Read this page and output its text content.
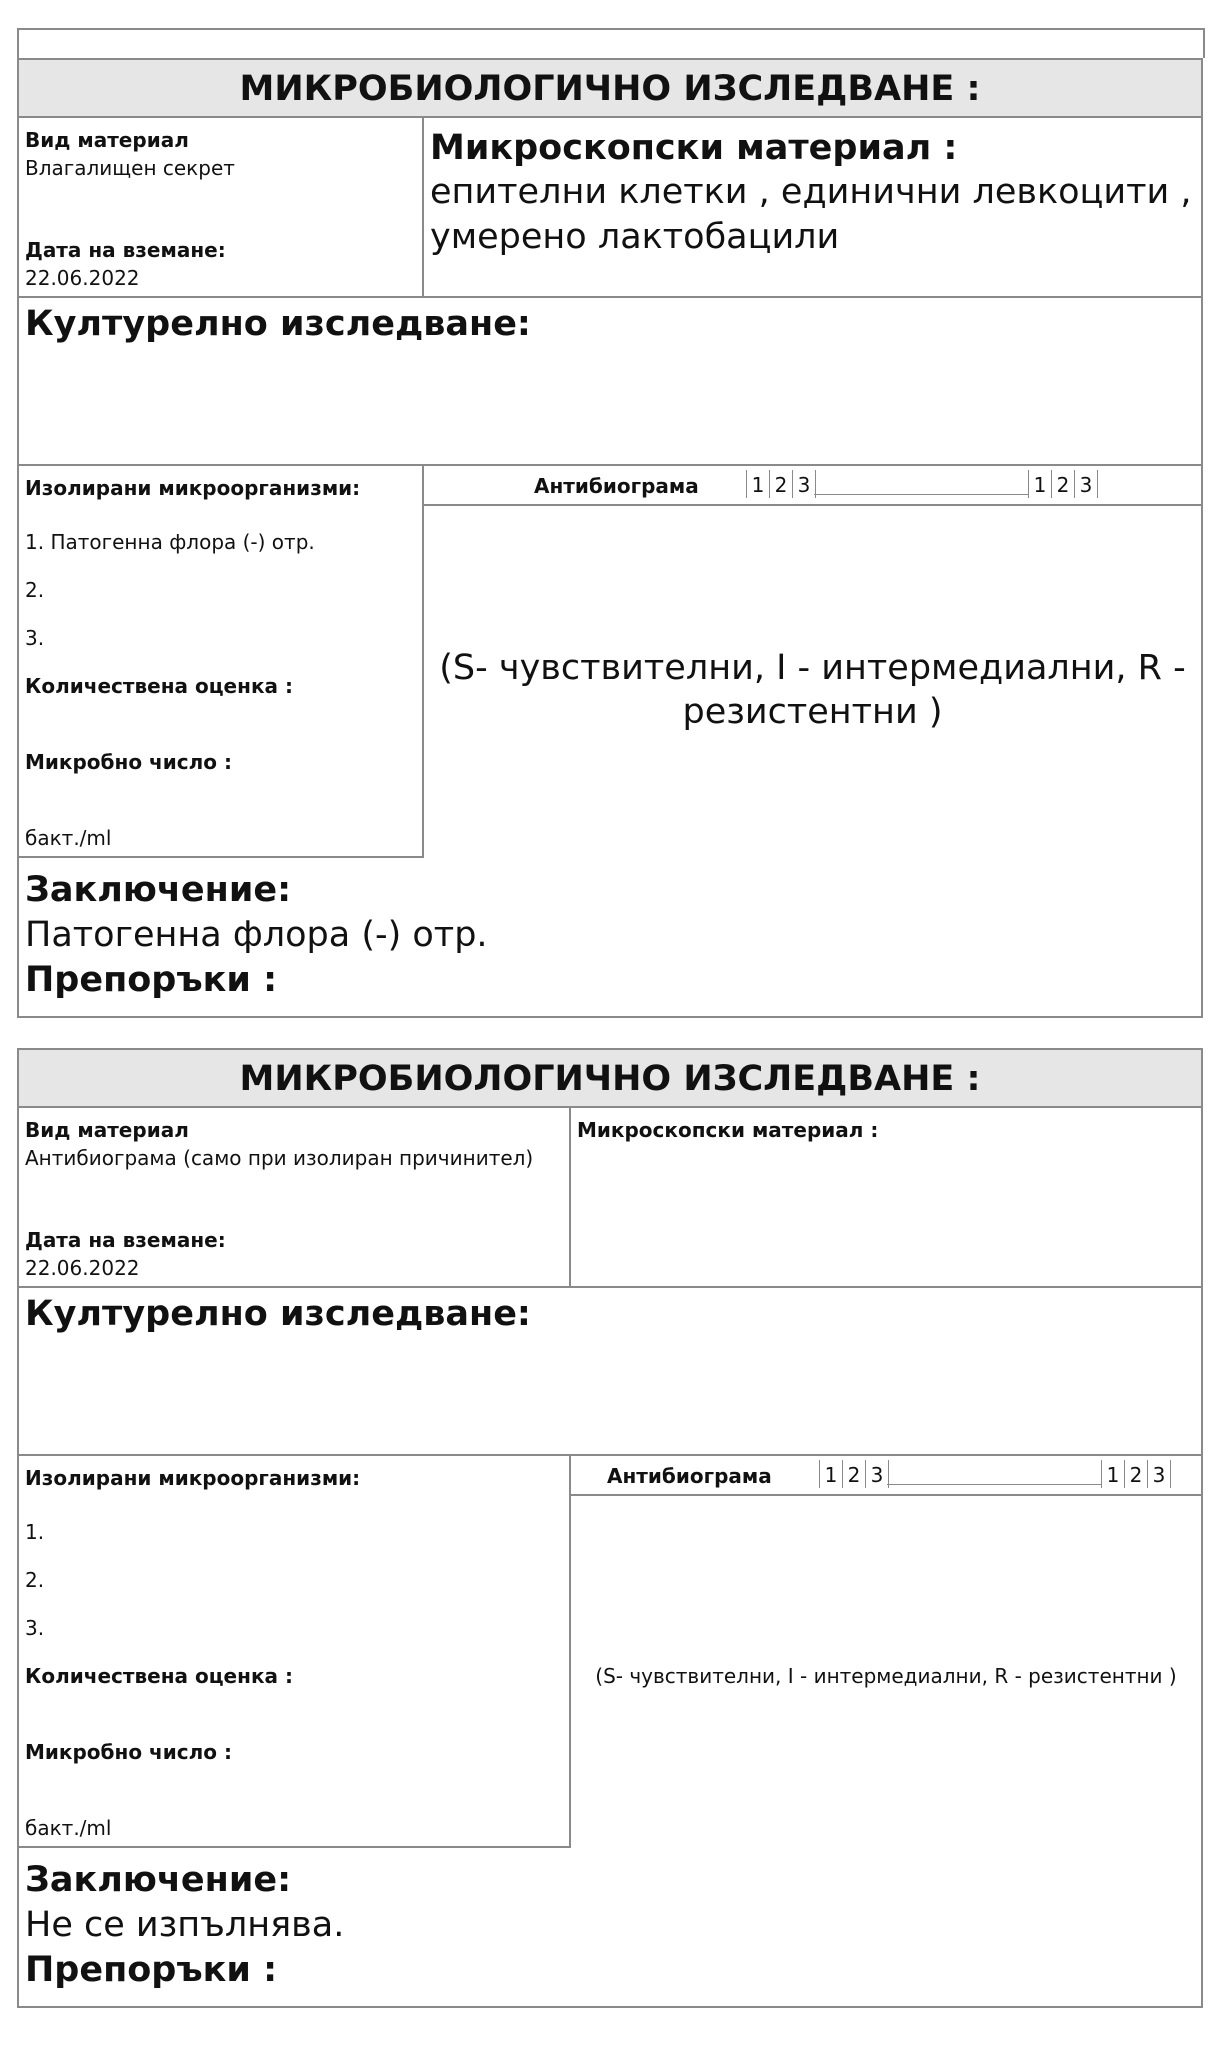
МИКРОБИОЛОГИЧНО ИЗСЛЕДВАНЕ :
Вид материал
Влагалищен секрет
Дата на вземане:
22.06.2022
Микроскопски материал :
епителни клетки , единични левкоцити ,
умерено лактобацили
Културелно изследване:
Изолирани микроорганизми:
1. Патогенна флора (-) отр.
2.
3.
Количествена оценка :
Микробно число :
бакт./ml
Антибиограма	1 2 3	1 2 3
(S- чувствителни, I - интермедиални, R -
резистентни )
Заключение:
Патогенна флора (-) отр.
Препоръки :
МИКРОБИОЛОГИЧНО ИЗСЛЕДВАНЕ :
Вид материал
Антибиограма (само при изолиран причинител)
Дата на вземане:
22.06.2022
Микроскопски материал :
Културелно изследване:
Изолирани микроорганизми:
1.
2.
3.
Количествена оценка :
Микробно число :
бакт./ml
Антибиограма	1 2 3	1 2 3
(S- чувствителни, I - интермедиални, R - резистентни )
Заключение:
Не се изпълнява.
Препоръки :
